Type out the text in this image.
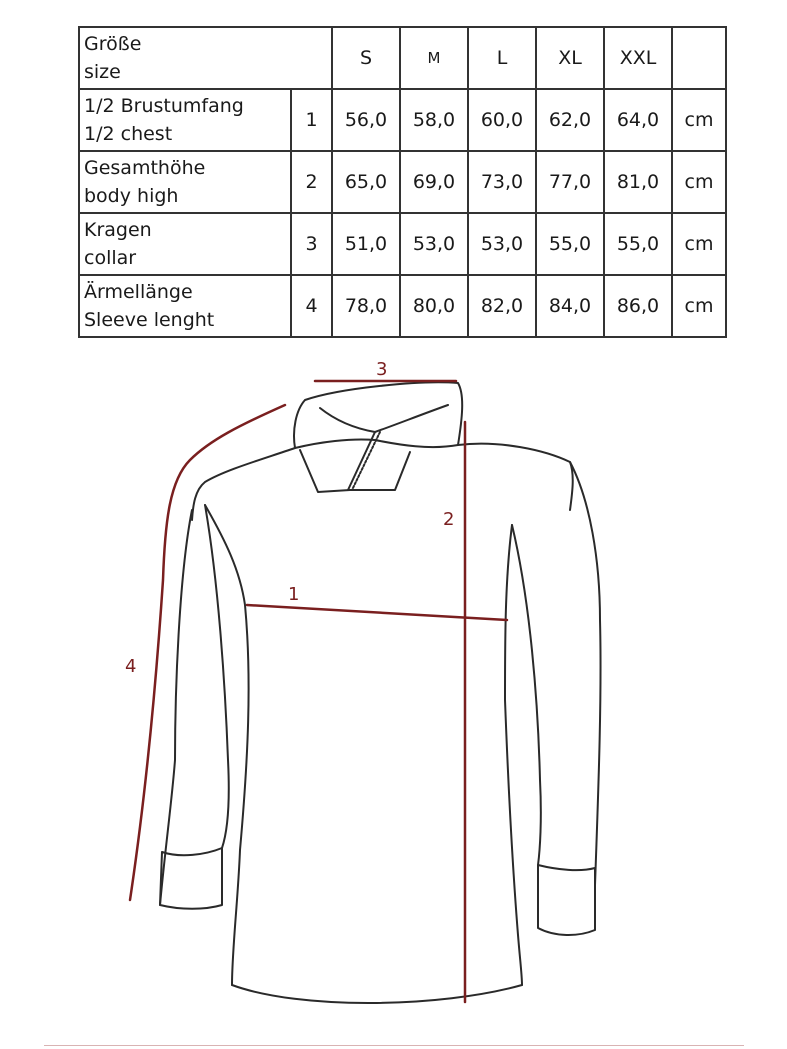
Größe
size		S	M	L	XL	XXL	

1/2 Brustumfang
1/2 chest	1	56,0	58,0	60,0	62,0	64,0	cm

Gesamthöhe
body high	2	65,0	69,0	73,0	77,0	81,0	cm

Kragen
collar	3	51,0	53,0	53,0	55,0	55,0	cm

Ärmellänge
Sleeve lenght	4	78,0	80,0	82,0	84,0	86,0	cm
3
2
1
4
